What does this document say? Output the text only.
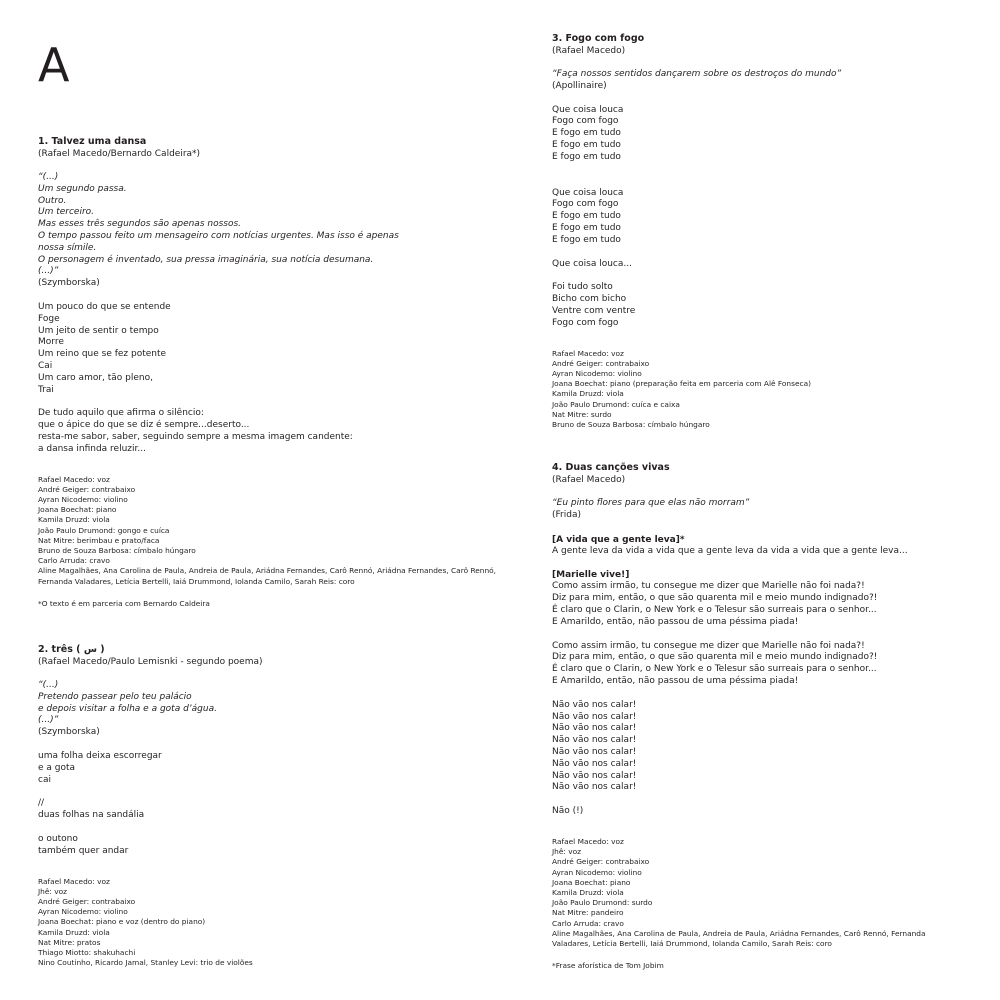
A
1. Talvez uma dansa
(Rafael Macedo/Bernardo Caldeira*)
“(...)
Um segundo passa.
Outro.
Um terceiro.
Mas esses três segundos são apenas nossos.
O tempo passou feito um mensageiro com notícias urgentes. Mas isso é apenas
nossa símile.
O personagem é inventado, sua pressa imaginária, sua notícia desumana.
(...)”
(Szymborska)
Um pouco do que se entende
Foge
Um jeito de sentir o tempo
Morre
Um reino que se fez potente
Cai
Um caro amor, tão pleno,
Trai
De tudo aquilo que afirma o silêncio:
que o ápice do que se diz é sempre...deserto...
resta-me sabor, saber, seguindo sempre a mesma imagem candente:
a dansa infinda reluzir...
Rafael Macedo: voz
André Geiger: contrabaixo
Ayran Nicodemo: violino
Joana Boechat: piano
Kamila Druzd: viola
João Paulo Drumond: gongo e cuíca
Nat Mitre: berimbau e prato/faca
Bruno de Souza Barbosa: címbalo húngaro
Carlo Arruda: cravo
Aline Magalhães, Ana Carolina de Paula, Andreia de Paula, Ariádna Fernandes, Carô Rennó, Ariádna Fernandes, Carô Rennó,
Fernanda Valadares, Letícia Bertelli, Iaiá Drummond, Iolanda Camilo, Sarah Reis: coro
*O texto é em parceria com Bernardo Caldeira
2. três ( ﺱ )
(Rafael Macedo/Paulo Lemisnki - segundo poema)
“(...)
Pretendo passear pelo teu palácio
e depois visitar a folha e a gota d’água.
(...)”
(Szymborska)
uma folha deixa escorregar
e a gota
cai
//
duas folhas na sandália
o outono
também quer andar
Rafael Macedo: voz
Jhê: voz
André Geiger: contrabaixo
Ayran Nicodemo: violino
Joana Boechat: piano e voz (dentro do piano)
Kamila Druzd: viola
Nat Mitre: pratos
Thiago Miotto: shakuhachi
Nino Coutinho, Ricardo Jamal, Stanley Levi: trio de violões
3. Fogo com fogo
(Rafael Macedo)
“Faça nossos sentidos dançarem sobre os destroços do mundo”
(Apollinaire)
Que coisa louca
Fogo com fogo
E fogo em tudo
E fogo em tudo
E fogo em tudo
Que coisa louca
Fogo com fogo
E fogo em tudo
E fogo em tudo
E fogo em tudo
Que coisa louca...
Foi tudo solto
Bicho com bicho
Ventre com ventre
Fogo com fogo
Rafael Macedo: voz
André Geiger: contrabaixo
Ayran Nicodemo: violino
Joana Boechat: piano (preparação feita em parceria com Alê Fonseca)
Kamila Druzd: viola
João Paulo Drumond: cuíca e caixa
Nat Mitre: surdo
Bruno de Souza Barbosa: címbalo húngaro
4. Duas canções vivas
(Rafael Macedo)
“Eu pinto flores para que elas não morram”
(Frida)
[A vida que a gente leva]*
A gente leva da vida a vida que a gente leva da vida a vida que a gente leva...
[Marielle vive!]
Como assim irmão, tu consegue me dizer que Marielle não foi nada?!
Diz para mim, então, o que são quarenta mil e meio mundo indignado?!
É claro que o Clarin, o New York e o Telesur são surreais para o senhor...
E Amarildo, então, não passou de uma péssima piada!
Como assim irmão, tu consegue me dizer que Marielle não foi nada?!
Diz para mim, então, o que são quarenta mil e meio mundo indignado?!
É claro que o Clarin, o New York e o Telesur são surreais para o senhor...
E Amarildo, então, não passou de uma péssima piada!
Não vão nos calar!
Não vão nos calar!
Não vão nos calar!
Não vão nos calar!
Não vão nos calar!
Não vão nos calar!
Não vão nos calar!
Não vão nos calar!
Não (!)
Rafael Macedo: voz
Jhê: voz
André Geiger: contrabaixo
Ayran Nicodemo: violino
Joana Boechat: piano
Kamila Druzd: viola
João Paulo Drumond: surdo
Nat Mitre: pandeiro
Carlo Arruda: cravo
Aline Magalhães, Ana Carolina de Paula, Andreia de Paula, Ariádna Fernandes, Carô Rennó, Fernanda
Valadares, Letícia Bertelli, Iaiá Drummond, Iolanda Camilo, Sarah Reis: coro
*Frase aforística de Tom Jobim
